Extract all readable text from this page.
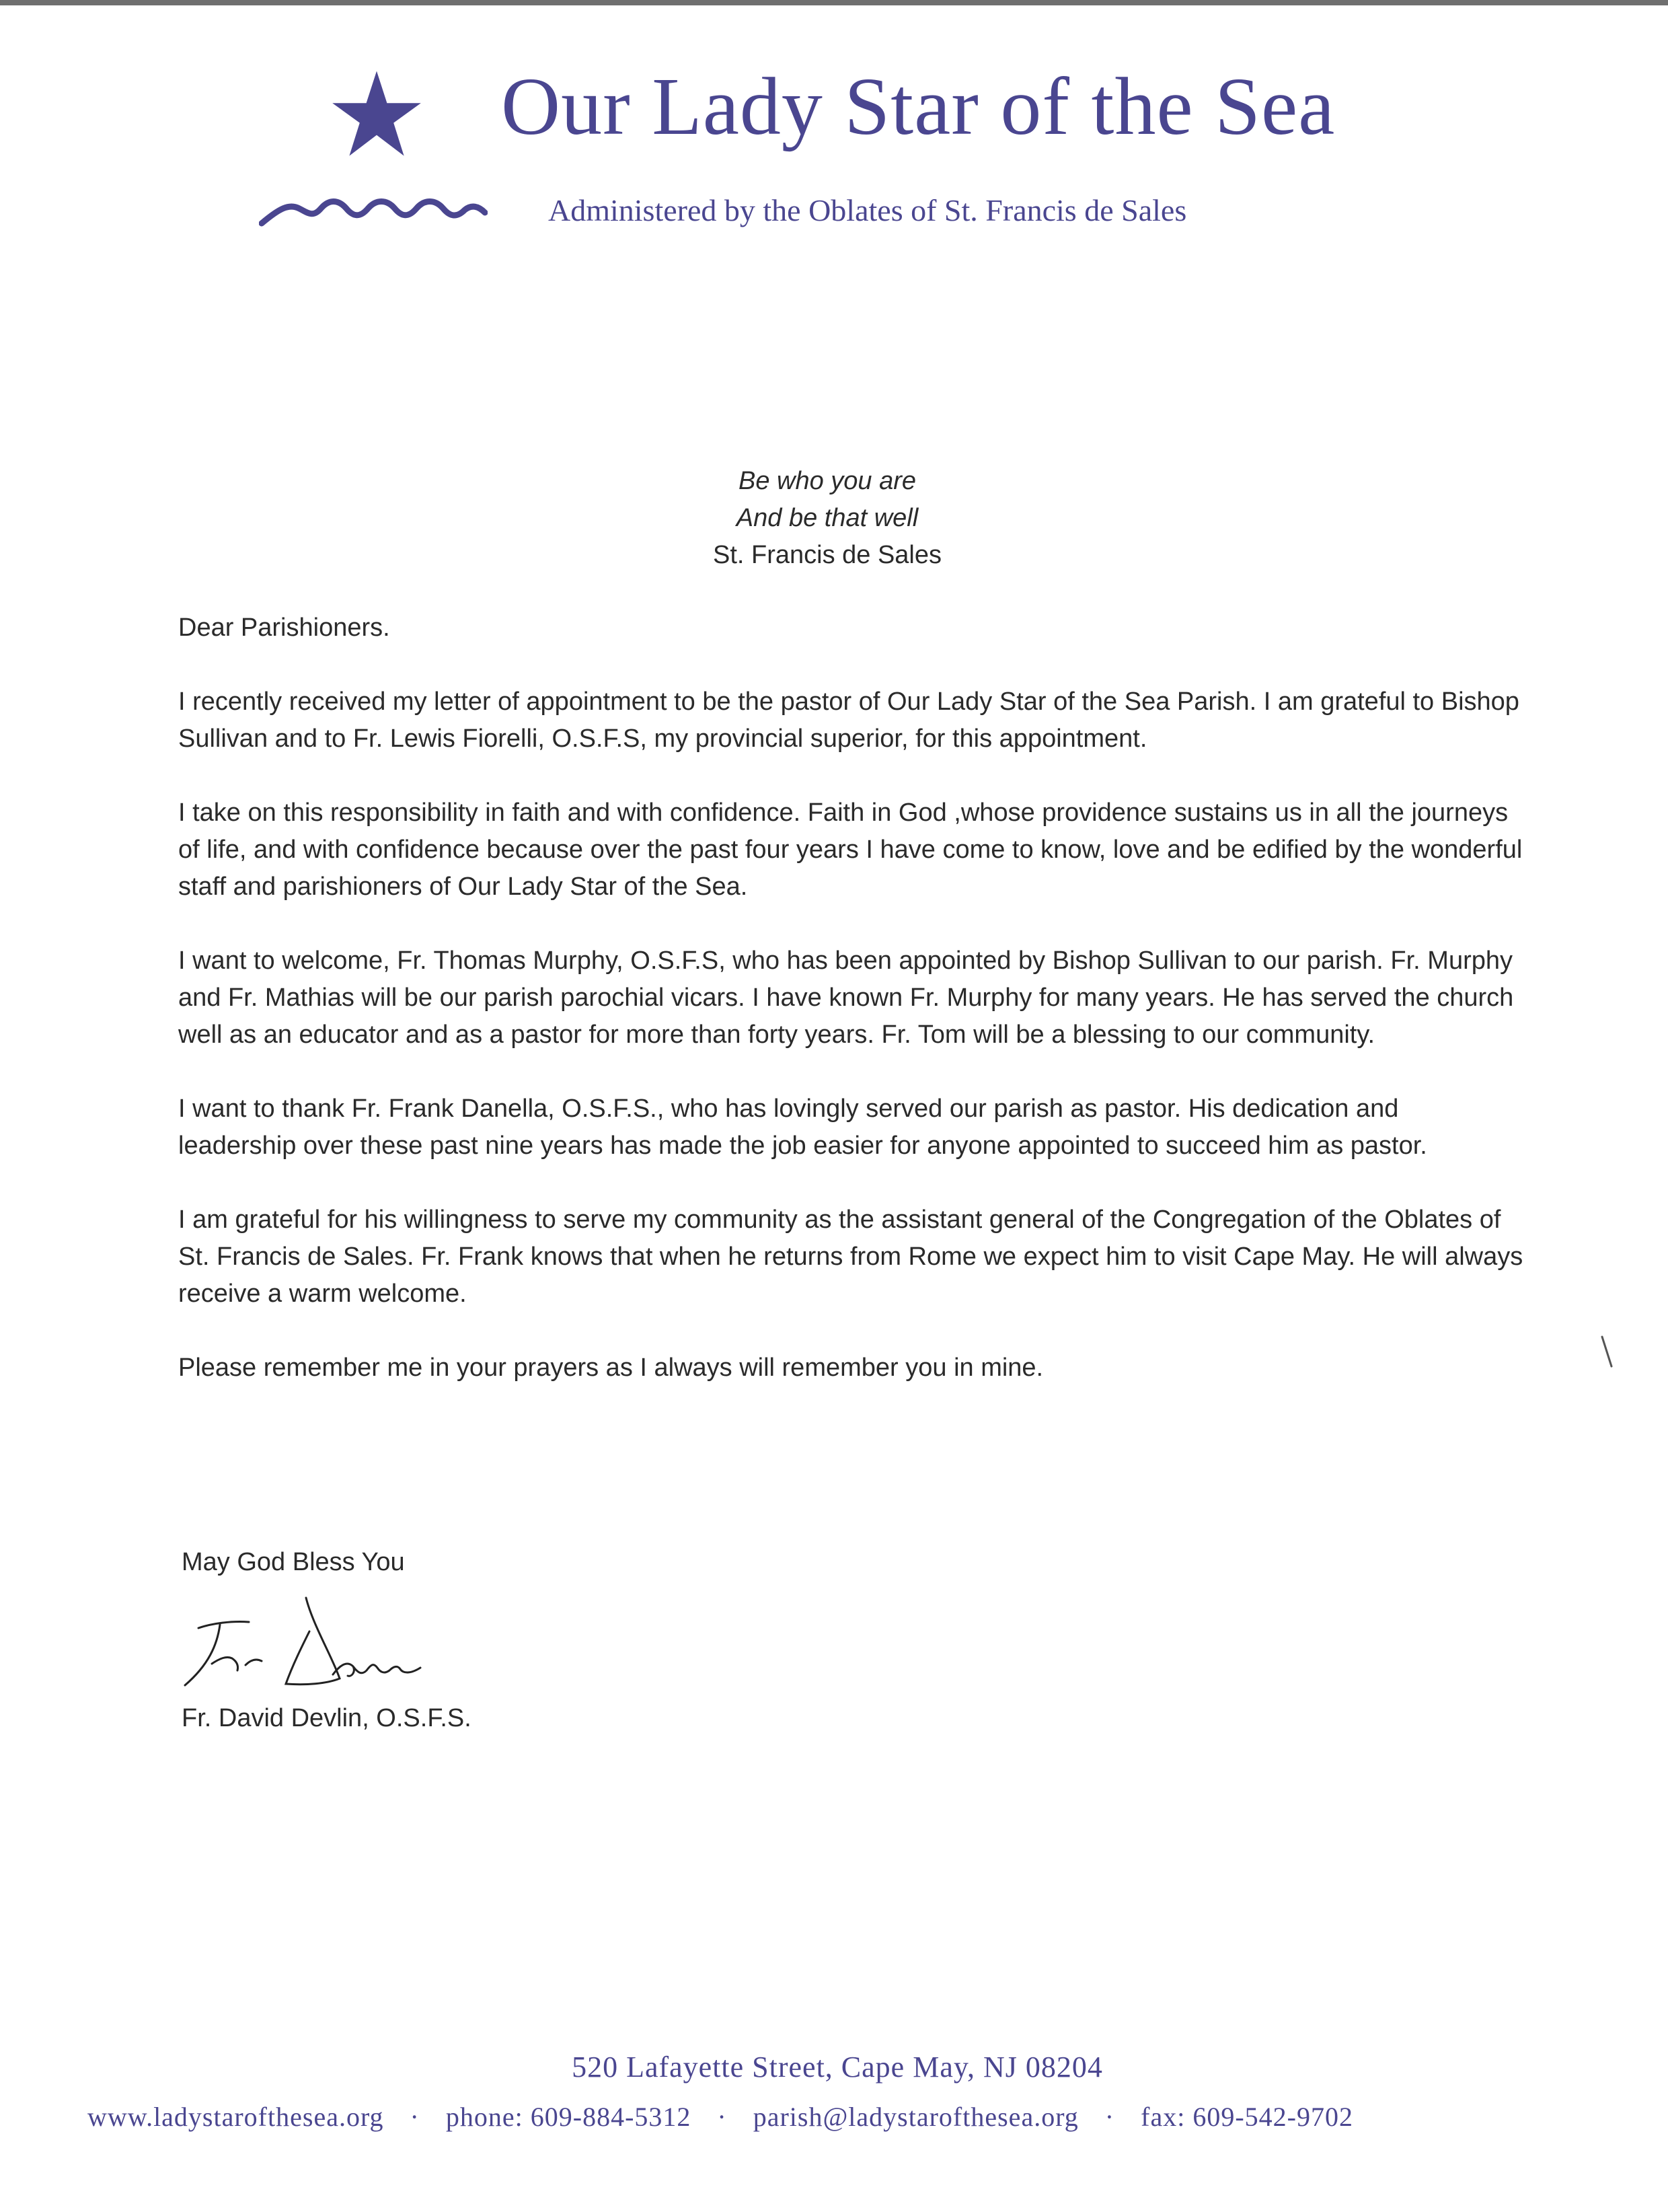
Our Lady Star of the Sea
Administered by the Oblates of St. Francis de Sales
Be who you are
And be that well
St. Francis de Sales

Dear Parishioners.

I recently received my letter of appointment to be the pastor of Our Lady Star of the Sea Parish. I am grateful to Bishop Sullivan and to Fr. Lewis Fiorelli, O.S.F.S, my provincial superior, for this appointment.

I take on this responsibility in faith and with confidence. Faith in God ,whose providence sustains us in all the journeys of life, and with confidence because over the past four years I have come to know, love and be edified by the wonderful staff and parishioners of Our Lady Star of the Sea.

I want to welcome, Fr. Thomas Murphy, O.S.F.S, who has been appointed by Bishop Sullivan to our parish. Fr. Murphy and Fr. Mathias will be our parish parochial vicars. I have known Fr. Murphy for many years. He has served the church well as an educator and as a pastor for more than forty years. Fr. Tom will be a blessing to our community.

I want to thank Fr. Frank Danella, O.S.F.S., who has lovingly served our parish as pastor. His dedication and leadership over these past nine years has made the job easier for anyone appointed to succeed him as pastor.

I am grateful for his willingness to serve my community as the assistant general of the Congregation of the Oblates of St. Francis de Sales. Fr. Frank knows that when he returns from Rome we expect him to visit Cape May. He will always receive a warm welcome.

Please remember me in your prayers as I always will remember you in mine.

May God Bless You
Fr. David Devlin, O.S.F.S.
520 Lafayette Street, Cape May, NJ 08204
www.ladystarofthesea.org · phone: 609-884-5312 · parish@ladystarofthesea.org · fax: 609-542-9702
